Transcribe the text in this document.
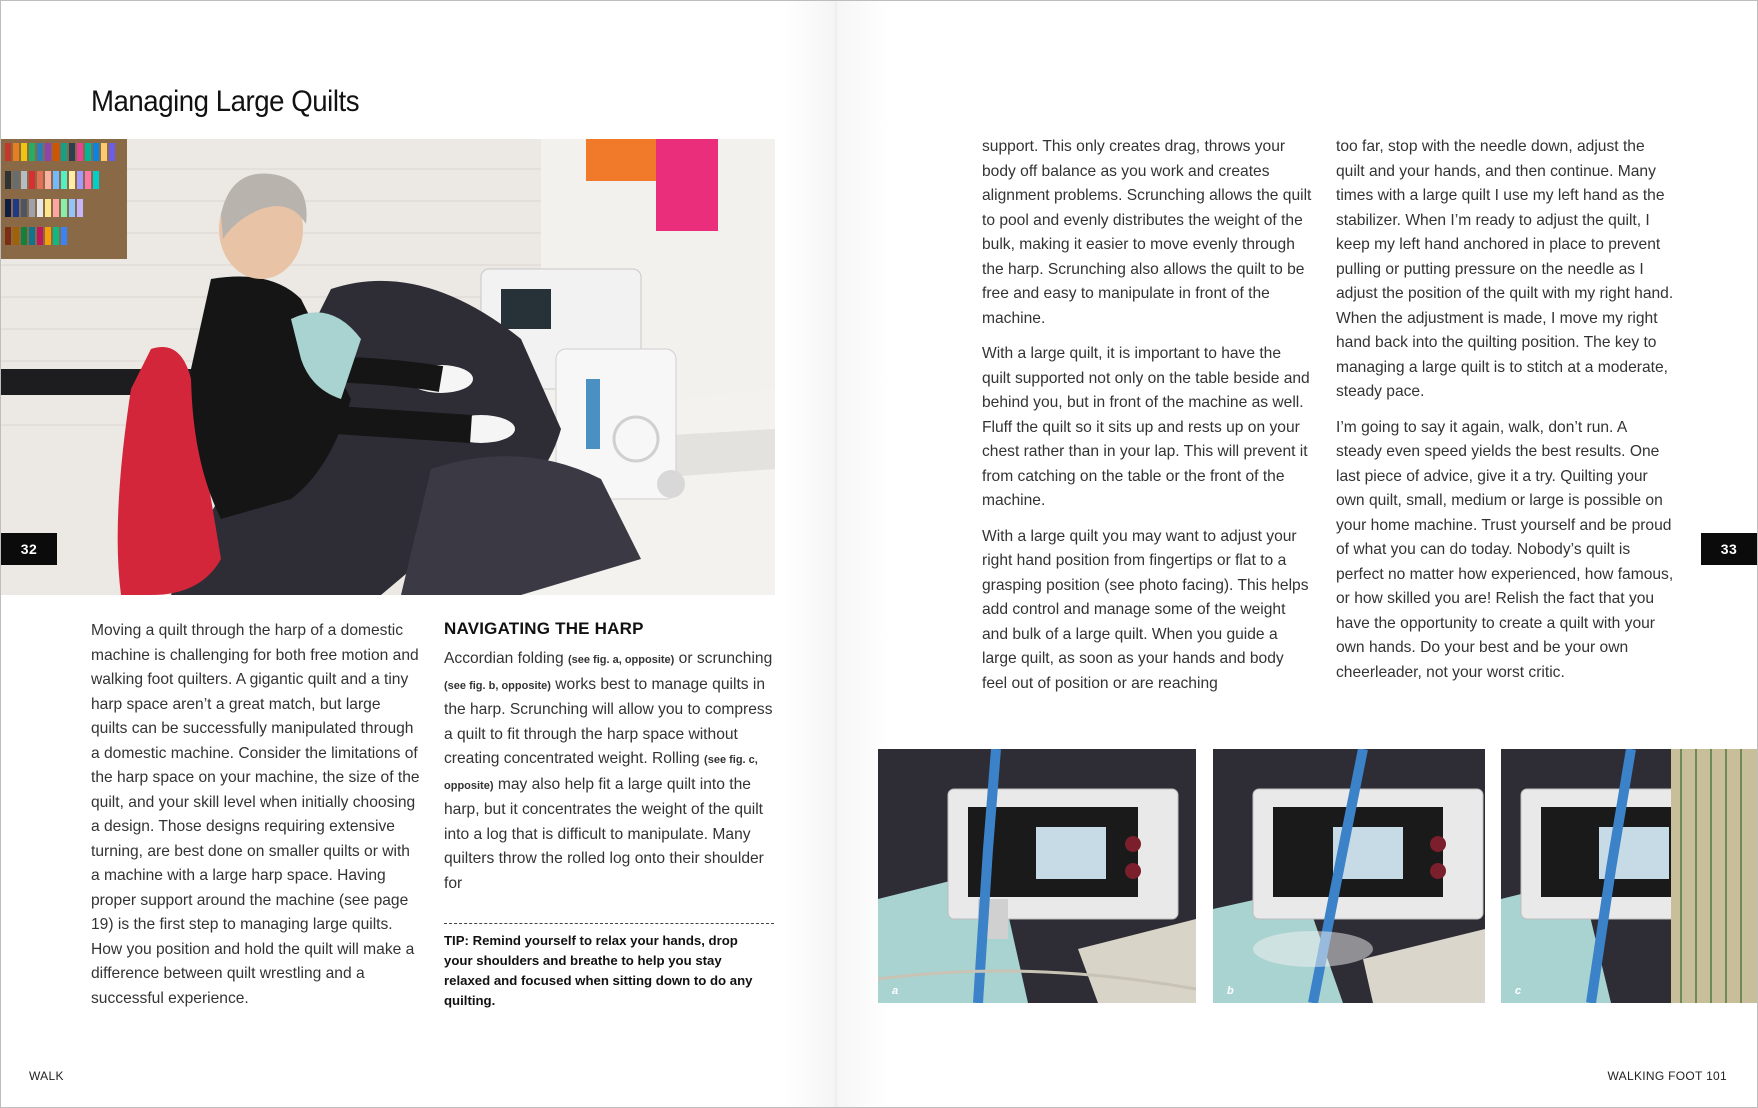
Managing Large Quilts
32	33

Moving a quilt through the harp of a domestic machine is challenging for both free motion and walking foot quilters. A gigantic quilt and a tiny harp space aren’t a great match, but large quilts can be successfully manipulated through a domestic machine. Consider the limitations of the harp space on your machine, the size of the quilt, and your skill level when initially choosing a design. Those designs requiring extensive turning, are best done on smaller quilts or with a machine with a large harp space. Having proper support around the machine (see page 19) is the first step to managing large quilts. How you position and hold the quilt will make a difference between quilt wrestling and a successful experience.

NAVIGATING THE HARP

Accordian folding (see fig. a, opposite) or scrunching (see fig. b, opposite) works best to manage quilts in the harp. Scrunching will allow you to compress a quilt to fit through the harp space without creating concentrated weight. Rolling (see fig. c, opposite) may also help fit a large quilt into the harp, but it concentrates the weight of the quilt into a log that is difficult to manipulate. Many quilters throw the rolled log onto their shoulder for

TIP: Remind yourself to relax your hands, drop your shoulders and breathe to help you stay relaxed and focused when sitting down to do any quilting.

support. This only creates drag, throws your body off balance as you work and creates alignment problems. Scrunching allows the quilt to pool and evenly distributes the weight of the bulk, making it easier to move evenly through the harp. Scrunching also allows the quilt to be free and easy to manipulate in front of the machine.

With a large quilt, it is important to have the quilt supported not only on the table beside and behind you, but in front of the machine as well. Fluff the quilt so it sits up and rests up on your chest rather than in your lap. This will prevent it from catching on the table or the front of the machine.

With a large quilt you may want to adjust your right hand position from fingertips or flat to a grasping position (see photo facing). This helps add control and manage some of the weight and bulk of a large quilt. When you guide a large quilt, as soon as your hands and body feel out of position or are reaching

too far, stop with the needle down, adjust the quilt and your hands, and then continue. Many times with a large quilt I use my left hand as the stabilizer. When I’m ready to adjust the quilt, I keep my left hand anchored in place to prevent pulling or putting pressure on the needle as I adjust the position of the quilt with my right hand. When the adjustment is made, I move my right hand back into the quilting position. The key to managing a large quilt is to stitch at a moderate, steady pace.

I’m going to say it again, walk, don’t run. A steady even speed yields the best results. One last piece of advice, give it a try. Quilting your own quilt, small, medium or large is possible on your home machine. Trust yourself and be proud of what you can do today. Nobody’s quilt is perfect no matter how experienced, how famous, or how skilled you are! Relish the fact that you have the opportunity to create a quilt with your own hands. Do your best and be your own cheerleader, not your worst critic.

a	b	c
WALK	WALKING FOOT 101
